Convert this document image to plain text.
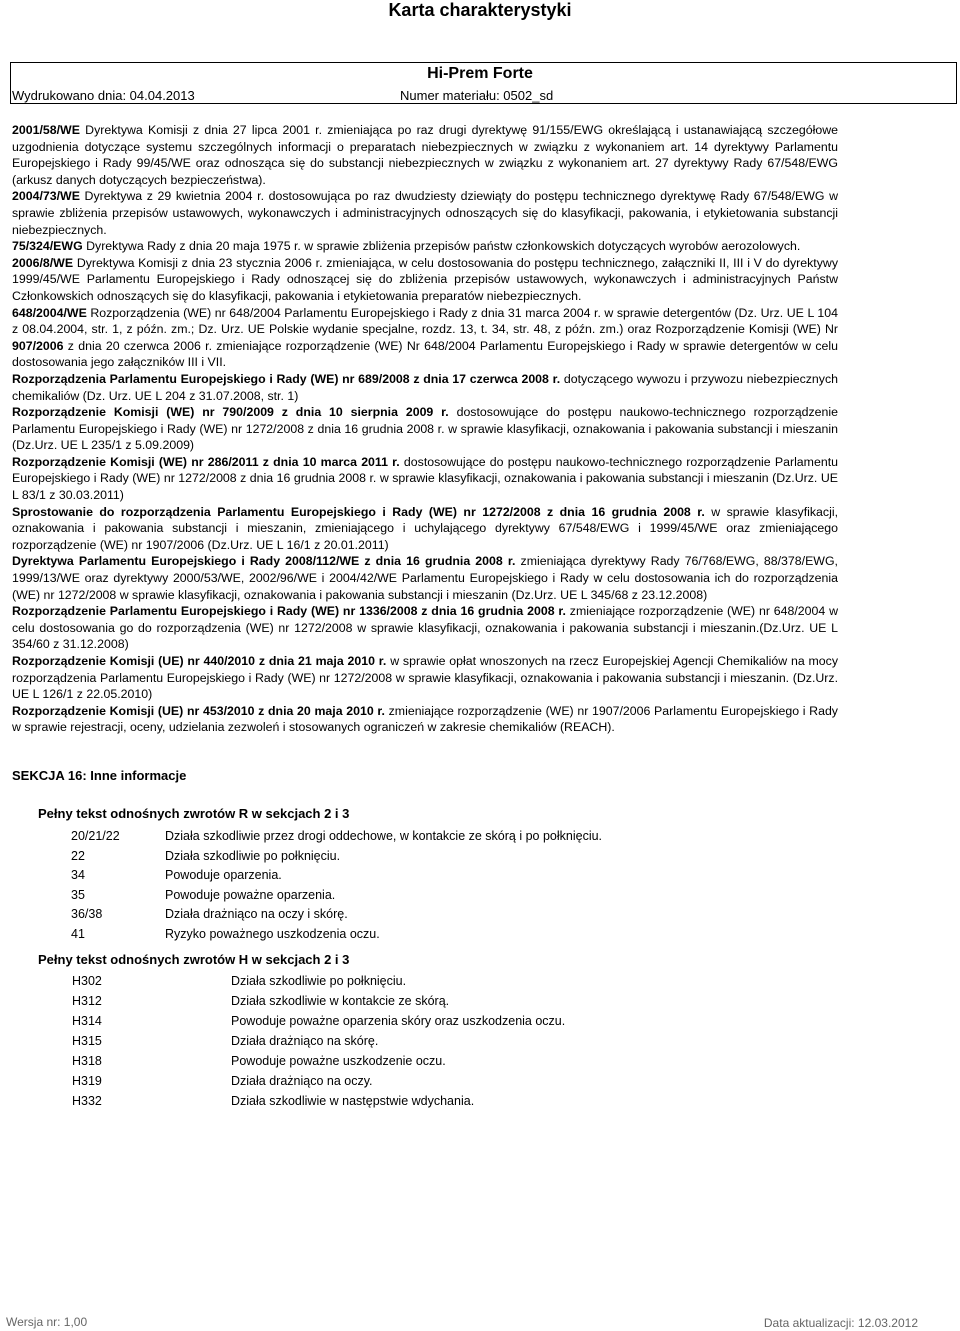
Karta charakterystyki
Hi-Prem Forte
Wydrukowano dnia: 04.04.2013	Numer materiału: 0502_sd

2001/58/WE Dyrektywa Komisji z dnia 27 lipca 2001 r. zmieniająca po raz drugi dyrektywę 91/155/EWG określającą i ustanawiającą szczegółowe uzgodnienia dotyczące systemu szczególnych informacji o preparatach niebezpiecznych w związku z wykonaniem art. 14 dyrektywy Parlamentu Europejskiego i Rady 99/45/WE oraz odnosząca się do substancji niebezpiecznych w związku z wykonaniem art. 27 dyrektywy Rady 67/548/EWG (arkusz danych dotyczących bezpieczeństwa).

2004/73/WE Dyrektywa z 29 kwietnia 2004 r. dostosowująca po raz dwudziesty dziewiąty do postępu technicznego dyrektywę Rady 67/548/EWG w sprawie zbliżenia przepisów ustawowych, wykonawczych i administracyjnych odnoszących się do klasyfikacji, pakowania, i etykietowania substancji niebezpiecznych.

75/324/EWG Dyrektywa Rady z dnia 20 maja 1975 r. w sprawie zbliżenia przepisów państw członkowskich dotyczących wyrobów aerozolowych.

2006/8/WE Dyrektywa Komisji z dnia 23 stycznia 2006 r. zmieniająca, w celu dostosowania do postępu technicznego, załączniki II, III i V do dyrektywy 1999/45/WE Parlamentu Europejskiego i Rady odnoszącej się do zbliżenia przepisów ustawowych, wykonawczych i administracyjnych Państw Członkowskich odnoszących się do klasyfikacji, pakowania i etykietowania preparatów niebezpiecznych.

648/2004/WE Rozporządzenia (WE) nr 648/2004 Parlamentu Europejskiego i Rady z dnia 31 marca 2004 r. w sprawie detergentów (Dz. Urz. UE L 104 z 08.04.2004, str. 1, z późn. zm.; Dz. Urz. UE Polskie wydanie specjalne, rozdz. 13, t. 34, str. 48, z późn. zm.) oraz Rozporządzenie Komisji (WE) Nr 907/2006 z dnia 20 czerwca 2006 r. zmieniające rozporządzenie (WE) Nr 648/2004 Parlamentu Europejskiego i Rady w sprawie detergentów w celu dostosowania jego załączników III i VII.

Rozporządzenia Parlamentu Europejskiego i Rady (WE) nr 689/2008 z dnia 17 czerwca 2008 r. dotyczącego wywozu i przywozu niebezpiecznych chemikaliów (Dz. Urz. UE L 204 z 31.07.2008, str. 1)

Rozporządzenie Komisji (WE) nr 790/2009 z dnia 10 sierpnia 2009 r. dostosowujące do postępu naukowo-technicznego rozporządzenie Parlamentu Europejskiego i Rady (WE) nr 1272/2008 z dnia 16 grudnia 2008 r. w sprawie klasyfikacji, oznakowania i pakowania substancji i mieszanin (Dz.Urz. UE L 235/1 z 5.09.2009)

Rozporządzenie Komisji (WE) nr 286/2011 z dnia 10 marca 2011 r. dostosowujące do postępu naukowo-technicznego rozporządzenie Parlamentu Europejskiego i Rady (WE) nr 1272/2008 z dnia 16 grudnia 2008 r. w sprawie klasyfikacji, oznakowania i pakowania substancji i mieszanin (Dz.Urz. UE L 83/1 z 30.03.2011)

Sprostowanie do rozporządzenia Parlamentu Europejskiego i Rady (WE) nr 1272/2008 z dnia 16 grudnia 2008 r. w sprawie klasyfikacji, oznakowania i pakowania substancji i mieszanin, zmieniającego i uchylającego dyrektywy 67/548/EWG i 1999/45/WE oraz zmieniającego rozporządzenie (WE) nr 1907/2006 (Dz.Urz. UE L 16/1 z 20.01.2011)

Dyrektywa Parlamentu Europejskiego i Rady 2008/112/WE z dnia 16 grudnia 2008 r. zmieniająca dyrektywy Rady 76/768/EWG, 88/378/EWG, 1999/13/WE oraz dyrektywy 2000/53/WE, 2002/96/WE i 2004/42/WE Parlamentu Europejskiego i Rady w celu dostosowania ich do rozporządzenia (WE) nr 1272/2008 w sprawie klasyfikacji, oznakowania i pakowania substancji i mieszanin (Dz.Urz. UE L 345/68 z 23.12.2008)

Rozporządzenie Parlamentu Europejskiego i Rady (WE) nr 1336/2008 z dnia 16 grudnia 2008 r. zmieniające rozporządzenie (WE) nr 648/2004 w celu dostosowania go do rozporządzenia (WE) nr 1272/2008 w sprawie klasyfikacji, oznakowania i pakowania substancji i mieszanin.(Dz.Urz. UE L 354/60 z 31.12.2008)

Rozporządzenie Komisji (UE) nr 440/2010 z dnia 21 maja 2010 r. w sprawie opłat wnoszonych na rzecz Europejskiej Agencji Chemikaliów na mocy rozporządzenia Parlamentu Europejskiego i Rady (WE) nr 1272/2008 w sprawie klasyfikacji, oznakowania i pakowania substancji i mieszanin. (Dz.Urz. UE L 126/1 z 22.05.2010)

Rozporządzenie Komisji (UE) nr 453/2010 z dnia 20 maja 2010 r. zmieniające rozporządzenie (WE) nr 1907/2006 Parlamentu Europejskiego i Rady w sprawie rejestracji, oceny, udzielania zezwoleń i stosowanych ograniczeń w zakresie chemikaliów (REACH).

SEKCJA 16: Inne informacje
Pełny tekst odnośnych zwrotów R w sekcjach 2 i 3
20/21/22	Działa szkodliwie przez drogi oddechowe, w kontakcie ze skórą i po połknięciu.
22	Działa szkodliwie po połknięciu.
34	Powoduje oparzenia.
35	Powoduje poważne oparzenia.
36/38	Działa drażniąco na oczy i skórę.
41	Ryzyko poważnego uszkodzenia oczu.
Pełny tekst odnośnych zwrotów H w sekcjach 2 i 3
H302	Działa szkodliwie po połknięciu.
H312	Działa szkodliwie w kontakcie ze skórą.
H314	Powoduje poważne oparzenia skóry oraz uszkodzenia oczu.
H315	Działa drażniąco na skórę.
H318	Powoduje poważne uszkodzenie oczu.
H319	Działa drażniąco na oczy.
H332	Działa szkodliwie w następstwie wdychania.
Wersja nr: 1,00	Data aktualizacji: 12.03.2012
